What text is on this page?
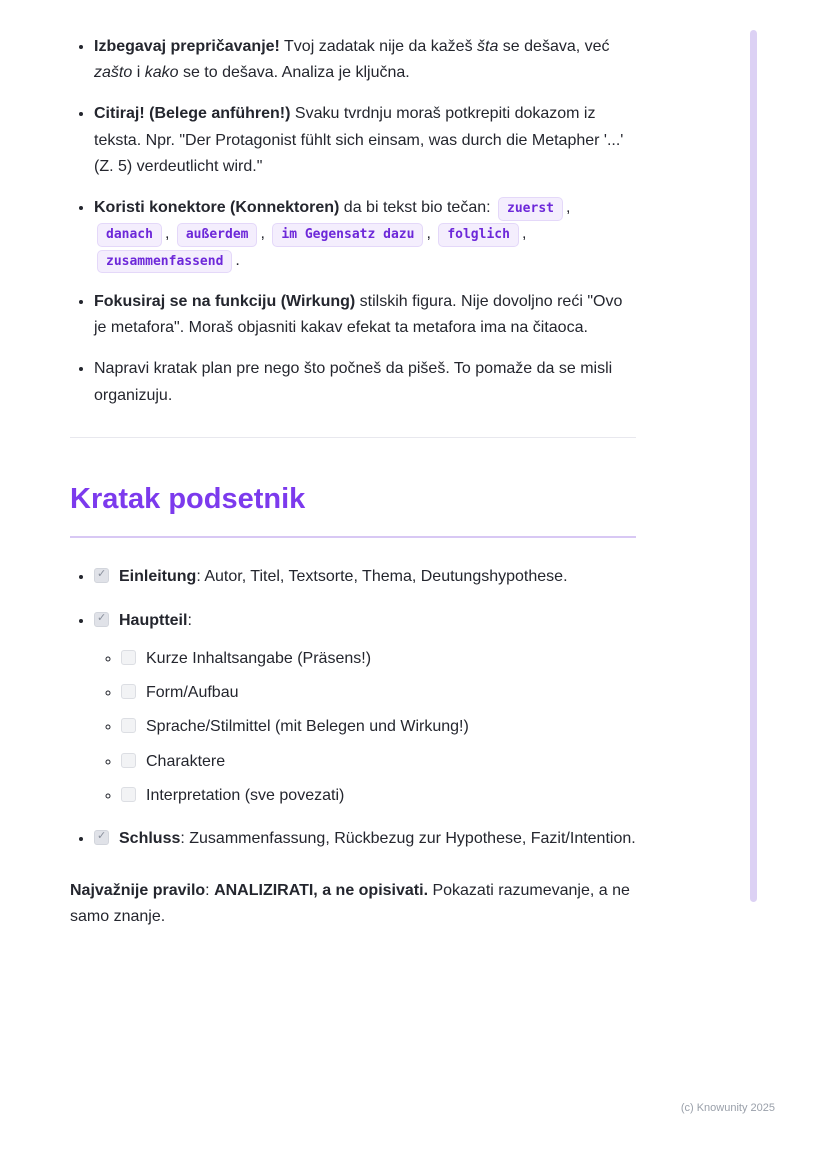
• Izbegavaj prepričavanje! Tvoj zadatak nije da kažeš šta se dešava, već zašto i kako se to dešava. Analiza je ključna.
• Citiraj! (Belege anführen!) Svaku tvrdnju moraš potkrepiti dokazom iz teksta. Npr. "Der Protagonist fühlt sich einsam, was durch die Metapher '...' (Z. 5) verdeutlicht wird."
• Koristi konektore (Konnektoren) da bi tekst bio tečan: zuerst , danach , außerdem , im Gegensatz dazu , folglich , zusammenfassend .
• Fokusiraj se na funkciju (Wirkung) stilskih figura. Nije dovoljno reći "Ovo je metafora". Moraš objasniti kakav efekat ta metafora ima na čitaoca.
• Napravi kratak plan pre nego što počneš da pišeš. To pomaže da se misli organizuju.
Kratak podsetnik
✓• Einleitung: Autor, Titel, Textsorte, Thema, Deutungshypothese.
✓• Hauptteil:
◦ Kurze Inhaltsangabe (Präsens!)
◦ Form/Aufbau
◦ Sprache/Stilmittel (mit Belegen und Wirkung!)
◦ Charaktere
◦ Interpretation (sve povezati)
✓• Schluss: Zusammenfassung, Rückbezug zur Hypothese, Fazit/Intention.

Najvažnije pravilo: ANALIZIRATI, a ne opisivati. Pokazati razumevanje, a ne samo znanje.

(c) Knowunity 2025
